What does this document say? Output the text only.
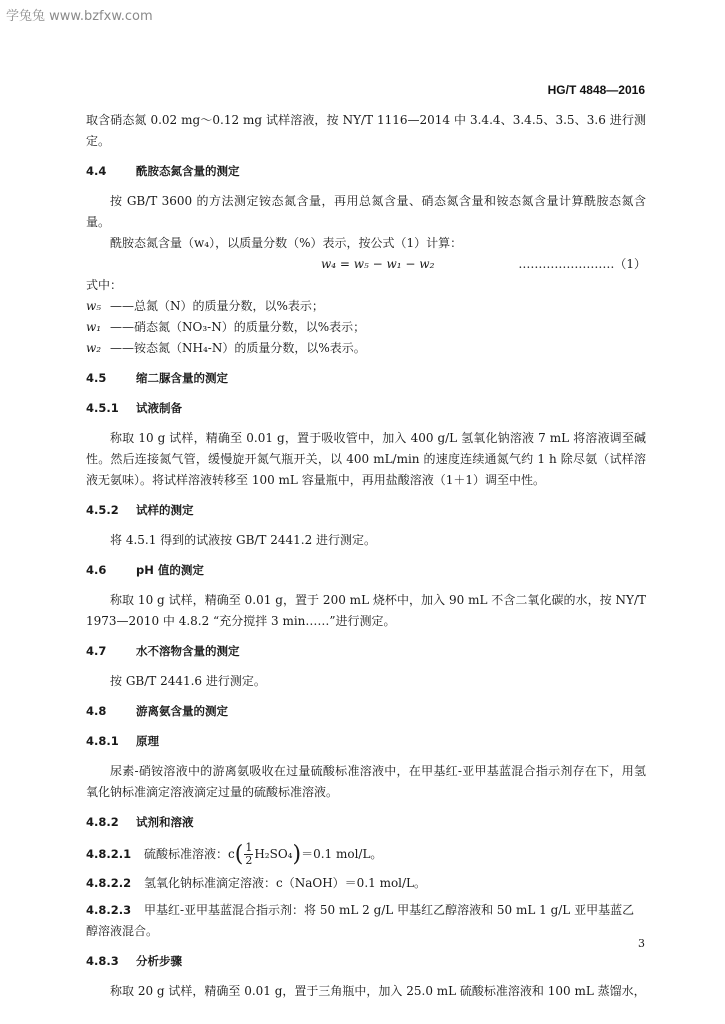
学兔兔 www.bzfxw.com
HG/T 4848—2016

取含硝态氮 0.02 mg～0.12 mg 试样溶液，按 NY/T 1116—2014 中 3.4.4、3.4.5、3.5、3.6 进行测定。

4.4	酰胺态氮含量的测定

按 GB/T 3600 的方法测定铵态氮含量，再用总氮含量、硝态氮含量和铵态氮含量计算酰胺态氮含量。

酰胺态氮含量（w₄），以质量分数（%）表示，按公式（1）计算：

w₄ = w₅ − w₁ − w₂	……………………（1）

式中：

w₅ ——总氮（N）的质量分数，以%表示；

w₁ ——硝态氮（NO₃-N）的质量分数，以%表示；

w₂ ——铵态氮（NH₄-N）的质量分数，以%表示。

4.5	缩二脲含量的测定
4.5.1 试液制备

称取 10 g 试样，精确至 0.01 g，置于吸收管中，加入 400 g/L 氢氧化钠溶液 7 mL 将溶液调至碱性。然后连接氮气管，缓慢旋开氮气瓶开关，以 400 mL/min 的速度连续通氮气约 1 h 除尽氨（试样溶液无氨味）。将试样溶液转移至 100 mL 容量瓶中，再用盐酸溶液（1＋1）调至中性。

4.5.2 试样的测定

将 4.5.1 得到的试液按 GB/T 2441.2 进行测定。

4.6	pH 值的测定

称取 10 g 试样，精确至 0.01 g，置于 200 mL 烧杯中，加入 90 mL 不含二氧化碳的水，按 NY/T 1973—2010 中 4.8.2 “充分搅拌 3 min……”进行测定。

4.7	水不溶物含量的测定

按 GB/T 2441.6 进行测定。

4.8	游离氨含量的测定
4.8.1 原理

尿素-硝铵溶液中的游离氨吸收在过量硫酸标准溶液中，在甲基红-亚甲基蓝混合指示剂存在下，用氢氧化钠标准滴定溶液滴定过量的硫酸标准溶液。

4.8.2 试剂和溶液

4.8.2.1 硫酸标准溶液：$c( \frac{1}{2} H_2SO_4)=0.1$ mol/L。

4.8.2.2 氢氧化钠标准滴定溶液：c（NaOH）＝0.1 mol/L。

4.8.2.3 甲基红-亚甲基蓝混合指示剂：将 50 mL 2 g/L 甲基红乙醇溶液和 50 mL 1 g/L 亚甲基蓝乙醇溶液混合。

4.8.3 分析步骤

称取 20 g 试样，精确至 0.01 g，置于三角瓶中，加入 25.0 mL 硫酸标准溶液和 100 mL 蒸馏水，

3
